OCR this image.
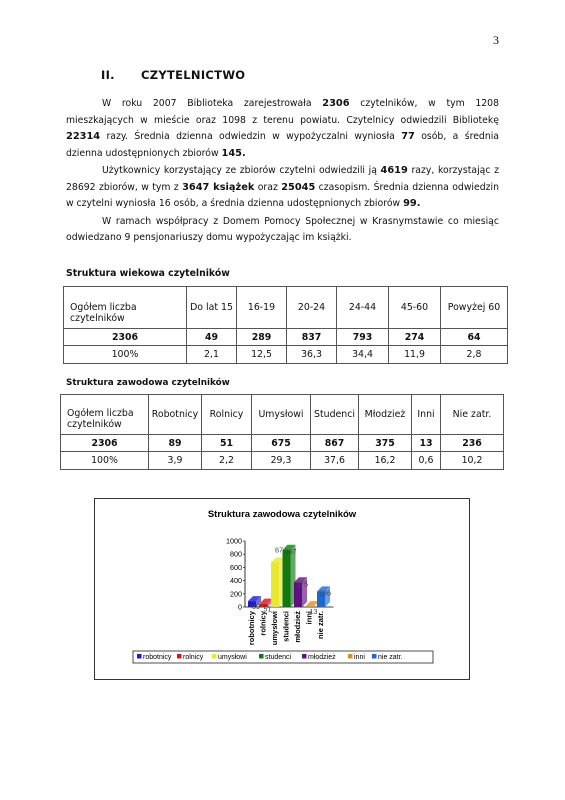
3
II. CZYTELNICTWO

W roku 2007 Biblioteka zarejestrowała 2306 czytelników, w tym 1208 mieszkających w mieście oraz 1098 z terenu powiatu. Czytelnicy odwiedzili Bibliotekę 22314 razy. Średnia dzienna odwiedzin w wypożyczalni wyniosła 77 osób, a średnia dzienna udostępnionych zbiorów 145.

Użytkownicy korzystający ze zbiorów czytelni odwiedzili ją 4619 razy, korzystając z 28692 zbiorów, w tym z 3647 książek oraz 25045 czasopism. Średnia dzienna odwiedzin w czytelni wyniosła 16 osób, a średnia dzienna udostępnionych zbiorów 99.

W ramach współpracy z Domem Pomocy Społecznej w Krasnymstawie co miesiąc odwiedzano 9 pensjonariuszy domu wypożyczając im książki.

Struktura wiekowa czytelników
Ogółem liczba czytelników	Do lat 15	16-19	20-24	24-44	45-60	Powyżej 60
2306	49	289	837	793	274	64
100%	2,1	12,5	36,3	34,4	11,9	2,8
Struktura zawodowa czytelników
Ogółem liczba czytelników	Robotnicy	Rolnicy	Umysłowi	Studenci	Młodzież	Inni	Nie zatr.
2306	89	51	675	867	375	13	236
100%	3,9	2,2	29,3	37,6	16,2	0,6	10,2
Struktura zawodowa czytelników
1000
800
600
400
200
0 89 51
67 867
375
13
236
robotnicy rolnicy umysłowi studenci młodzież inni nie zatr.
robotnicy rolnicy umysłowi	studenci młodzież	inni nie zatr.
